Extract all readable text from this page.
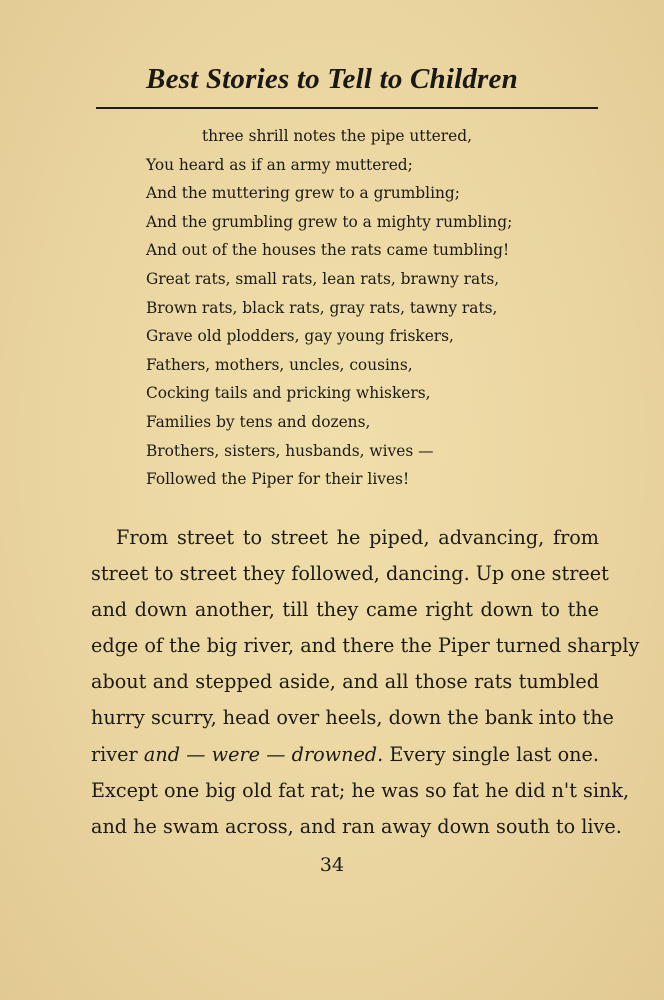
Best Stories to Tell to Children
three shrill notes the pipe uttered,
You heard as if an army muttered;
And the muttering grew to a grumbling;
And the grumbling grew to a mighty rumbling;
And out of the houses the rats came tumbling!
Great rats, small rats, lean rats, brawny rats,
Brown rats, black rats, gray rats, tawny rats,
Grave old plodders, gay young friskers,
Fathers, mothers, uncles, cousins,
Cocking tails and pricking whiskers,
Families by tens and dozens,
Brothers, sisters, husbands, wives —
Followed the Piper for their lives!
From street to street he piped, advancing, from
street to street they followed, dancing. Up one street
and down another, till they came right down to the
edge of the big river, and there the Piper turned sharply
about and stepped aside, and all those rats tumbled
hurry scurry, head over heels, down the bank into the
river and — were — drowned. Every single last one.
Except one big old fat rat; he was so fat he did n't sink,
and he swam across, and ran away down south to live.
34
